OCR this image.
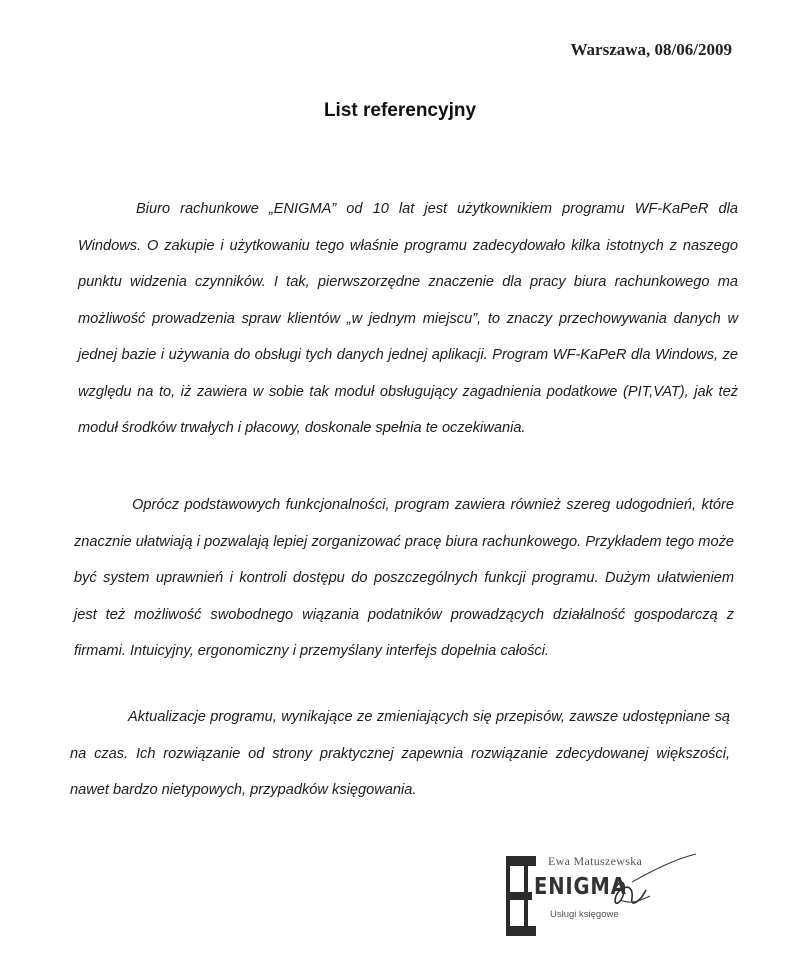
Warszawa, 08/06/2009
List referencyjny

Biuro rachunkowe „ENIGMA” od 10 lat jest użytkownikiem programu WF-KaPeR dla Windows. O zakupie i użytkowaniu tego właśnie programu zadecydowało kilka istotnych z naszego punktu widzenia czynników. I tak, pierwszorzędne znaczenie dla pracy biura rachunkowego ma możliwość prowadzenia spraw klientów „w jednym miejscu”, to znaczy przechowywania danych w jednej bazie i używania do obsługi tych danych jednej aplikacji. Program WF-KaPeR dla Windows, ze względu na to, iż zawiera w sobie tak moduł obsługujący zagadnienia podatkowe (PIT,VAT), jak też moduł środków trwałych i płacowy, doskonale spełnia te oczekiwania.

Oprócz podstawowych funkcjonalności, program zawiera również szereg udogodnień, które znacznie ułatwiają i pozwalają lepiej zorganizować pracę biura rachunkowego. Przykładem tego może być system uprawnień i kontroli dostępu do poszczególnych funkcji programu. Dużym ułatwieniem jest też możliwość swobodnego wiązania podatników prowadzących działalność gospodarczą z firmami. Intuicyjny, ergonomiczny i przemyślany interfejs dopełnia całości.

Aktualizacje programu, wynikające ze zmieniających się przepisów, zawsze udostępniane są na czas. Ich rozwiązanie od strony praktycznej zapewnia rozwiązanie zdecydowanej większości, nawet bardzo nietypowych, przypadków księgowania.

Ewa Matuszewska
ENIGMA
Usługi księgowe
